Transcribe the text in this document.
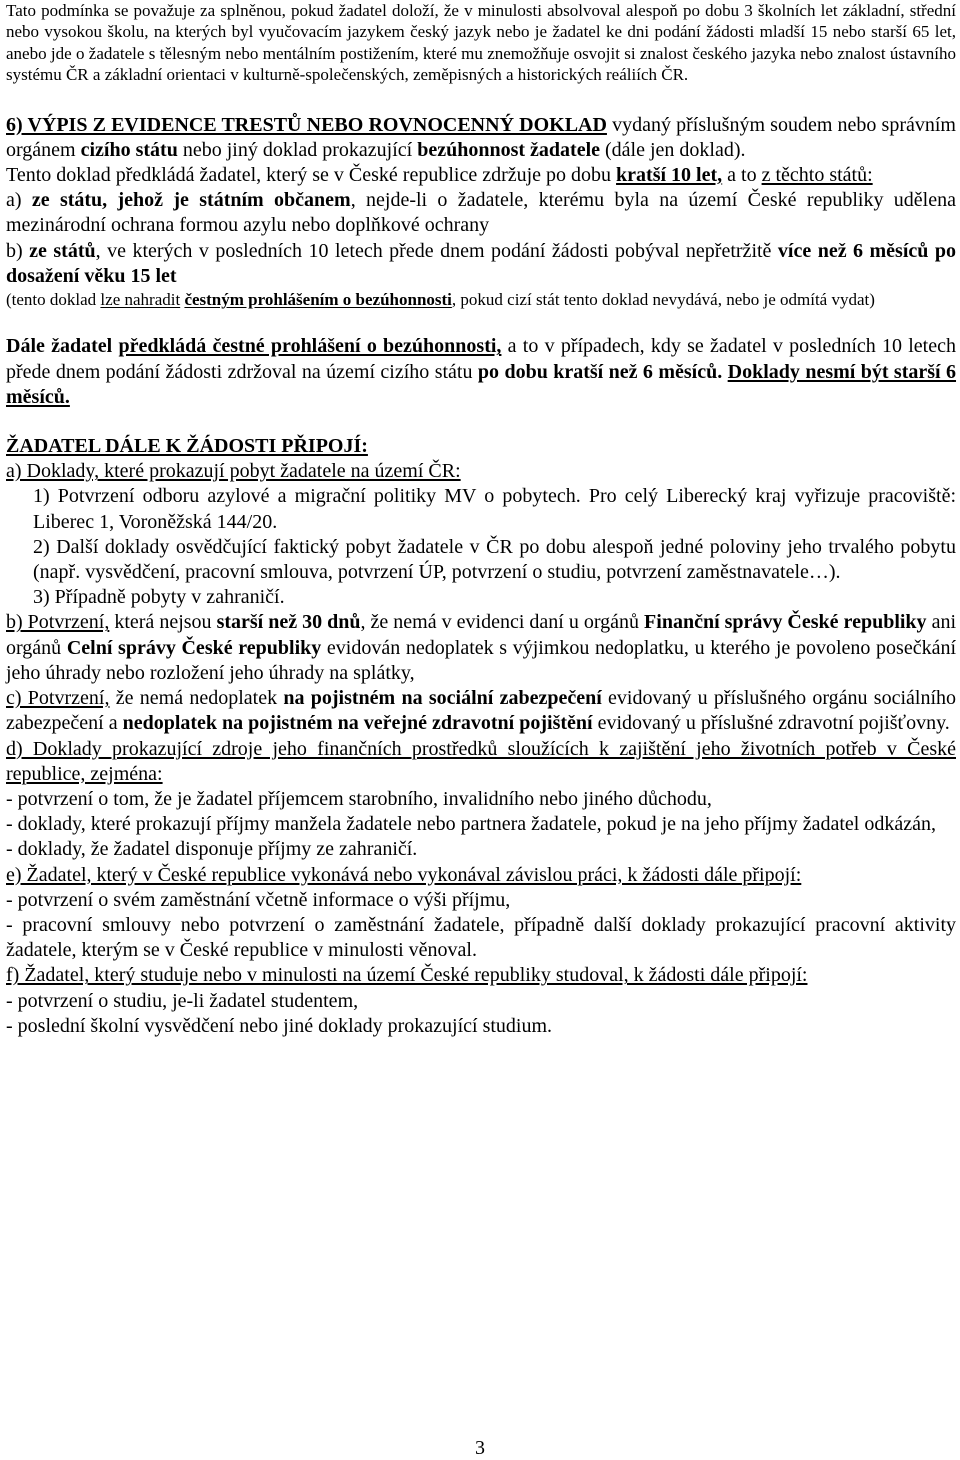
Tato podmínka se považuje za splněnou, pokud žadatel doloží, že v minulosti absolvoval alespoň po dobu 3 školních let základní, střední nebo vysokou školu, na kterých byl vyučovacím jazykem český jazyk nebo je žadatel ke dni podání žádosti mladší 15 nebo starší 65 let, anebo jde o žadatele s tělesným nebo mentálním postižením, které mu znemožňuje osvojit si znalost českého jazyka nebo znalost ústavního systému ČR a základní orientaci v kulturně-společenských, zeměpisných a historických reáliích ČR.

6) VÝPIS Z EVIDENCE TRESTŮ NEBO ROVNOCENNÝ DOKLAD vydaný příslušným soudem nebo správním orgánem cizího státu nebo jiný doklad prokazující bezúhonnost žadatele (dále jen doklad).

Tento doklad předkládá žadatel, který se v České republice zdržuje po dobu kratší 10 let, a to z těchto států:

a) ze státu, jehož je státním občanem, nejde-li o žadatele, kterému byla na území České republiky udělena mezinárodní ochrana formou azylu nebo doplňkové ochrany

b) ze států, ve kterých v posledních 10 letech přede dnem podání žádosti pobýval nepřetržitě více než 6 měsíců po dosažení věku 15 let

(tento doklad lze nahradit čestným prohlášením o bezúhonnosti, pokud cizí stát tento doklad nevydává, nebo je odmítá vydat)

Dále žadatel předkládá čestné prohlášení o bezúhonnosti, a to v případech, kdy se žadatel v posledních 10 letech přede dnem podání žádosti zdržoval na území cizího státu po dobu kratší než 6 měsíců. Doklady nesmí být starší 6 měsíců.

ŽADATEL DÁLE K ŽÁDOSTI PŘIPOJÍ:

a) Doklady, které prokazují pobyt žadatele na území ČR:

1) Potvrzení odboru azylové a migrační politiky MV o pobytech. Pro celý Liberecký kraj vyřizuje pracoviště: Liberec 1, Voroněžská 144/20.

2) Další doklady osvědčující faktický pobyt žadatele v ČR po dobu alespoň jedné poloviny jeho trvalého pobytu (např. vysvědčení, pracovní smlouva, potvrzení ÚP, potvrzení o studiu, potvrzení zaměstnavatele…).

3) Případně pobyty v zahraničí.

b) Potvrzení, která nejsou starší než 30 dnů, že nemá v evidenci daní u orgánů Finanční správy České republiky ani orgánů Celní správy České republiky evidován nedoplatek s výjimkou nedoplatku, u kterého je povoleno posečkání jeho úhrady nebo rozložení jeho úhrady na splátky,

c) Potvrzení, že nemá nedoplatek na pojistném na sociální zabezpečení evidovaný u příslušného orgánu sociálního zabezpečení a nedoplatek na pojistném na veřejné zdravotní pojištění evidovaný u příslušné zdravotní pojišťovny.

d) Doklady prokazující zdroje jeho finančních prostředků sloužících k zajištění jeho životních potřeb v České republice, zejména:

- potvrzení o tom, že je žadatel příjemcem starobního, invalidního nebo jiného důchodu,

- doklady, které prokazují příjmy manžela žadatele nebo partnera žadatele, pokud je na jeho příjmy žadatel odkázán,

- doklady, že žadatel disponuje příjmy ze zahraničí.

e) Žadatel, který v České republice vykonává nebo vykonával závislou práci, k žádosti dále připojí:

- potvrzení o svém zaměstnání včetně informace o výši příjmu,

- pracovní smlouvy nebo potvrzení o zaměstnání žadatele, případně další doklady prokazující pracovní aktivity žadatele, kterým se v České republice v minulosti věnoval.

f) Žadatel, který studuje nebo v minulosti na území České republiky studoval, k žádosti dále připojí:

- potvrzení o studiu, je-li žadatel studentem,

- poslední školní vysvědčení nebo jiné doklady prokazující studium.

3
